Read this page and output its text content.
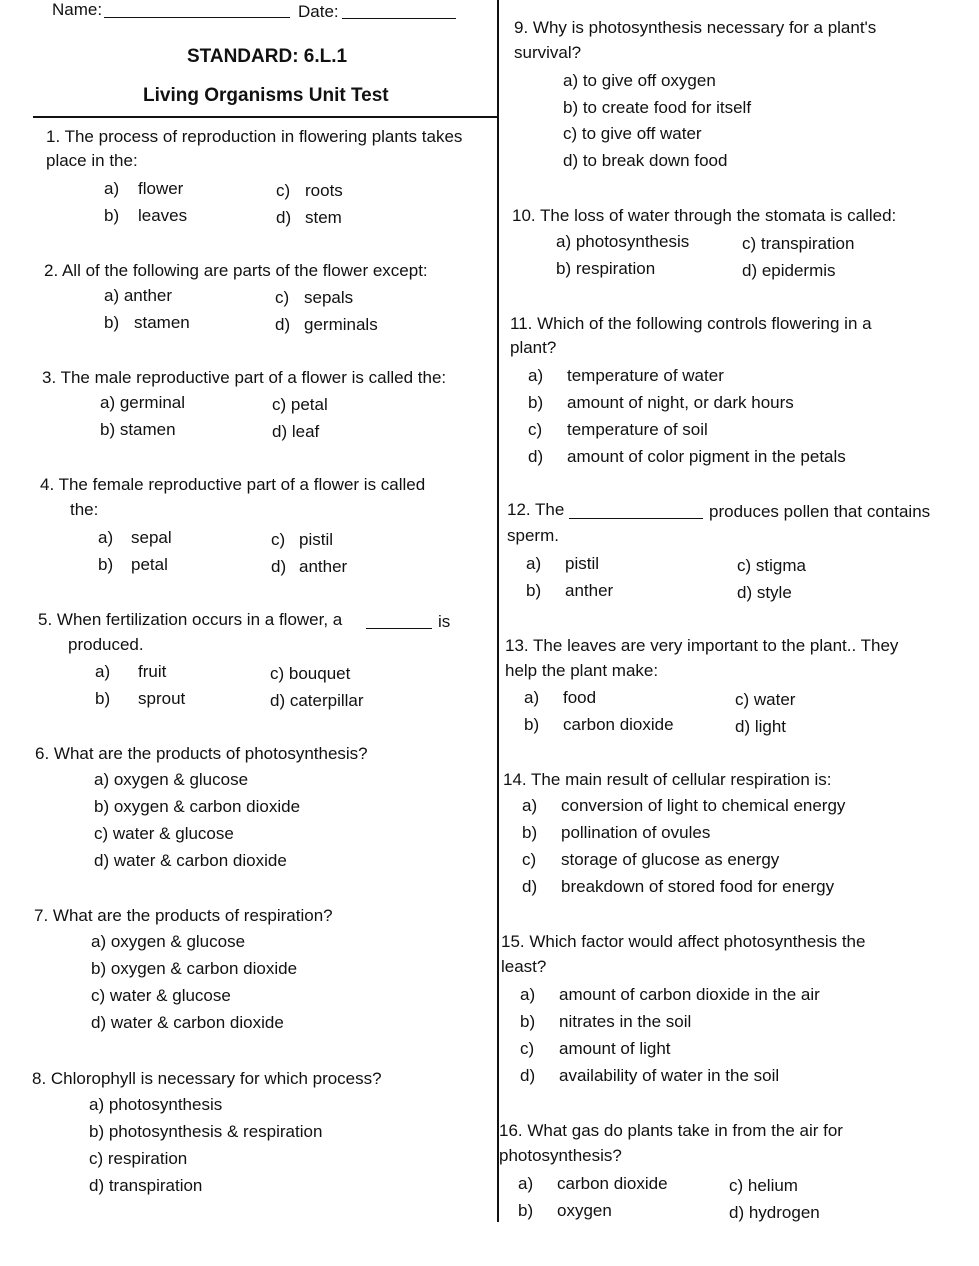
Name:	Date:
STANDARD: 6.L.1
Living Organisms Unit Test
1. The process of reproduction in flowering plants takes
place in the:
a) flower	c) roots
b) leaves	d) stem
2. All of the following are parts of the flower except:
a) anther	c) sepals
b) stamen	d) germinals
3. The male reproductive part of a flower is called the:
a) germinal	c) petal
b) stamen	d) leaf
4. The female reproductive part of a flower is called
the:
a) sepal	c) pistil
b) petal	d) anther
5. When fertilization occurs in a flower, a	is
produced.
a) fruit	c) bouquet
b) sprout	d) caterpillar
6. What are the products of photosynthesis?
a) oxygen & glucose
b) oxygen & carbon dioxide
c) water & glucose
d) water & carbon dioxide
7. What are the products of respiration?
a) oxygen & glucose
b) oxygen & carbon dioxide
c) water & glucose
d) water & carbon dioxide
8. Chlorophyll is necessary for which process?
a) photosynthesis
b) photosynthesis & respiration
c) respiration
d) transpiration
9. Why is photosynthesis necessary for a plant's
survival?
a) to give off oxygen
b) to create food for itself
c) to give off water
d) to break down food
10. The loss of water through the stomata is called:
a) photosynthesis	c) transpiration
b) respiration	d) epidermis
11. Which of the following controls flowering in a
plant?
a) temperature of water
b) amount of night, or dark hours
c) temperature of soil
d) amount of color pigment in the petals
12. The	produces pollen that contains
sperm.
a) pistil	c) stigma
b) anther	d) style
13. The leaves are very important to the plant.. They
help the plant make:
a) food	c) water
b) carbon dioxide	d) light
14. The main result of cellular respiration is:
a) conversion of light to chemical energy
b) pollination of ovules
c) storage of glucose as energy
d) breakdown of stored food for energy
15. Which factor would affect photosynthesis the
least?
a) amount of carbon dioxide in the air
b) nitrates in the soil
c) amount of light
d) availability of water in the soil
16. What gas do plants take in from the air for
photosynthesis?
a) carbon dioxide	c) helium
b) oxygen	d) hydrogen
